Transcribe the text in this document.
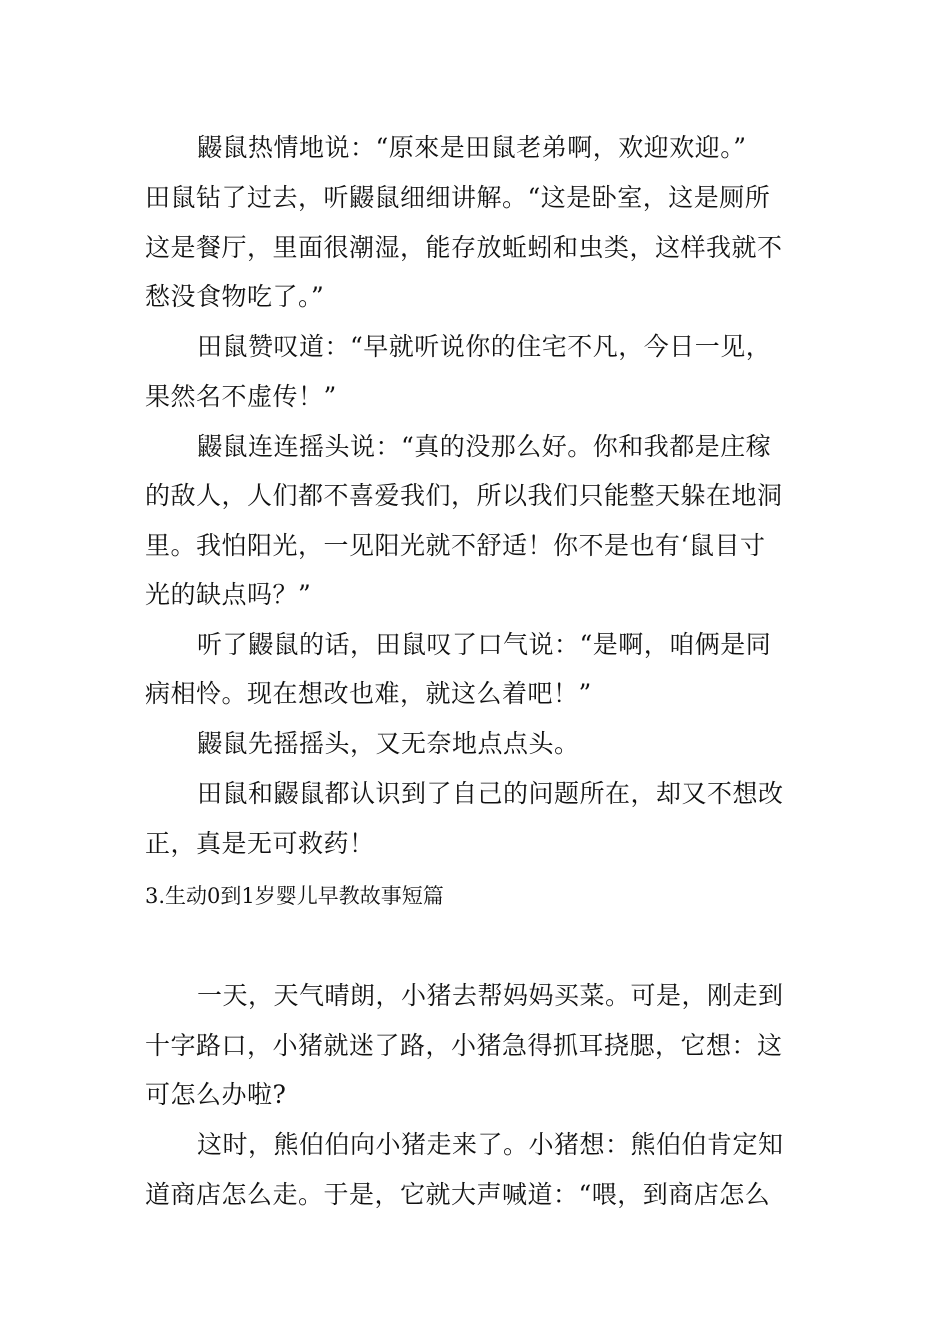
鼹鼠热情地说：“原來是田鼠老弟啊，欢迎欢迎。”
田鼠钻了过去，听鼹鼠细细讲解。“这是卧室，这是厕所
这是餐厅，里面很潮湿，能存放蚯蚓和虫类，这样我就不
愁没食物吃了。”
田鼠赞叹道：“早就听说你的住宅不凡，今日一见，
果然名不虚传！”
鼹鼠连连摇头说：“真的没那么好。你和我都是庄稼
的敌人，人们都不喜爱我们，所以我们只能整天躲在地洞
里。我怕阳光，一见阳光就不舒适！你不是也有‘鼠目寸
光的缺点吗？”
听了鼹鼠的话，田鼠叹了口气说：“是啊，咱俩是同
病相怜。现在想改也难，就这么着吧！”
鼹鼠先摇摇头，又无奈地点点头。
田鼠和鼹鼠都认识到了自己的问题所在，却又不想改
正，真是无可救药！
3.生动0到1岁婴儿早教故事短篇
一天，天气晴朗，小猪去帮妈妈买菜。可是，刚走到
十字路口，小猪就迷了路，小猪急得抓耳挠腮，它想：这
可怎么办啦?
这时，熊伯伯向小猪走来了。小猪想：熊伯伯肯定知
道商店怎么走。于是，它就大声喊道：“喂，到商店怎么
